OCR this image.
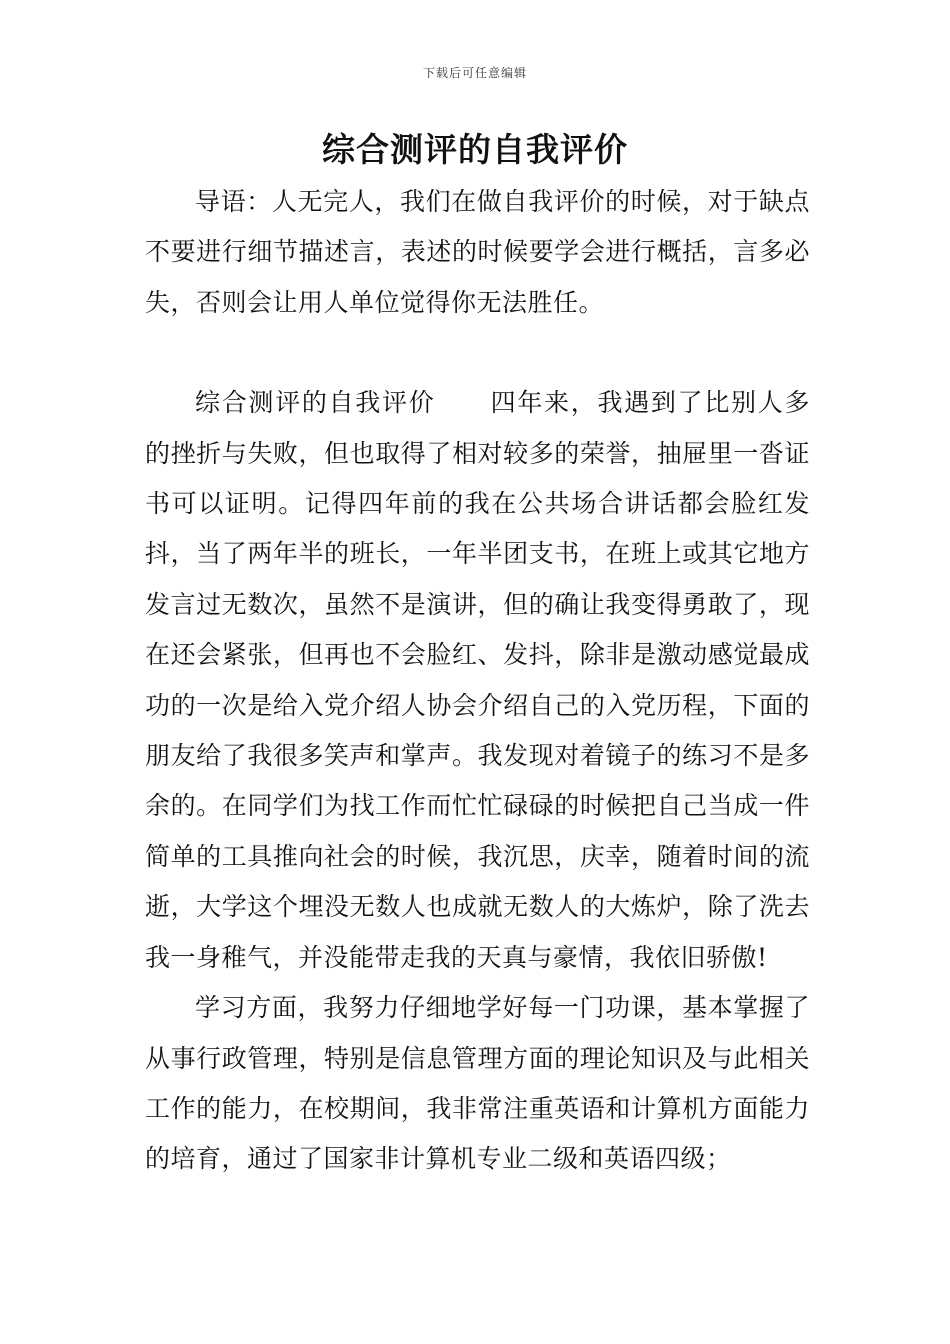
下载后可任意编辑
综合测评的自我评价

导语：人无完人，我们在做自我评价的时候，对于缺点不要进行细节描述言，表述的时候要学会进行概括，言多必失，否则会让用人单位觉得你无法胜任。

综合测评的自我评价 四年来，我遇到了比别人多的挫折与失败，但也取得了相对较多的荣誉，抽屉里一沓证书可以证明。记得四年前的我在公共场合讲话都会脸红发抖，当了两年半的班长，一年半团支书，在班上或其它地方发言过无数次，虽然不是演讲，但的确让我变得勇敢了，现在还会紧张，但再也不会脸红、发抖，除非是激动感觉最成功的一次是给入党介绍人协会介绍自己的入党历程，下面的朋友给了我很多笑声和掌声。我发现对着镜子的练习不是多余的。在同学们为找工作而忙忙碌碌的时候把自己当成一件简单的工具推向社会的时候，我沉思，庆幸，随着时间的流逝，大学这个埋没无数人也成就无数人的大炼炉，除了洗去我一身稚气，并没能带走我的天真与豪情，我依旧骄傲!

学习方面，我努力仔细地学好每一门功课，基本掌握了从事行政管理，特别是信息管理方面的理论知识及与此相关工作的能力，在校期间，我非常注重英语和计算机方面能力的培育，通过了国家非计算机专业二级和英语四级；
